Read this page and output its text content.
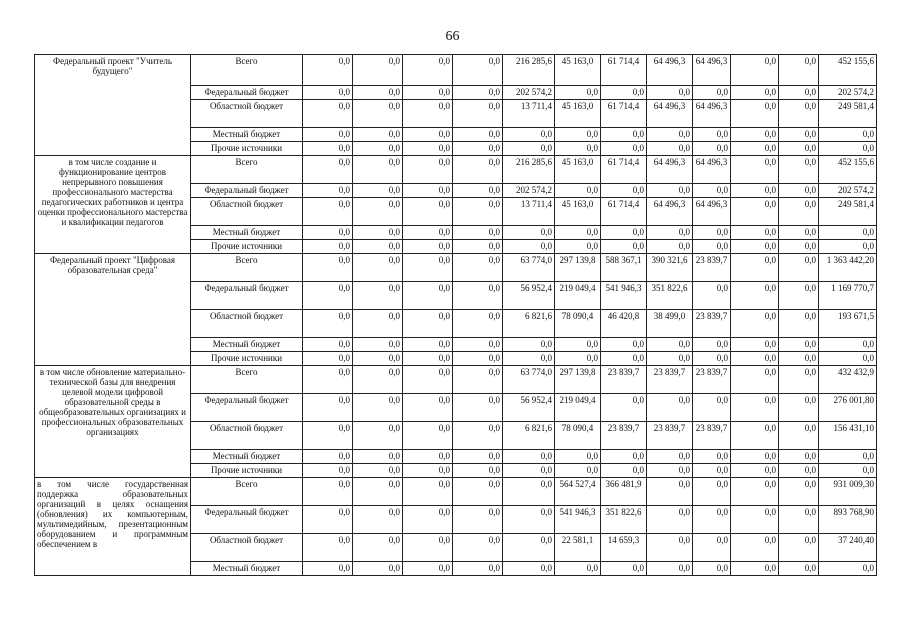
66
Федеральный проект "Учитель будущего"	Всего	0,0	0,0	0,0	0,0	216 285,6	45 163,0	61 714,4	64 496,3	64 496,3	0,0	0,0	452 155,6
	Федеральный бюджет	0,0	0,0	0,0	0,0	202 574,2	0,0	0,0	0,0	0,0	0,0	0,0	202 574,2
	Областной бюджет	0,0	0,0	0,0	0,0	13 711,4	45 163,0	61 714,4	64 496,3	64 496,3	0,0	0,0	249 581,4
	Местный бюджет	0,0	0,0	0,0	0,0	0,0	0,0	0,0	0,0	0,0	0,0	0,0	0,0
	Прочие источники	0,0	0,0	0,0	0,0	0,0	0,0	0,0	0,0	0,0	0,0	0,0	0,0
в том числе создание и функционирование центров непрерывного повышения профессионального мастерства педагогических работников и центра оценки профессионального мастерства и квалификации педагогов	Всего	0,0	0,0	0,0	0,0	216 285,6	45 163,0	61 714,4	64 496,3	64 496,3	0,0	0,0	452 155,6
	Федеральный бюджет	0,0	0,0	0,0	0,0	202 574,2	0,0	0,0	0,0	0,0	0,0	0,0	202 574,2
	Областной бюджет	0,0	0,0	0,0	0,0	13 711,4	45 163,0	61 714,4	64 496,3	64 496,3	0,0	0,0	249 581,4
	Местный бюджет	0,0	0,0	0,0	0,0	0,0	0,0	0,0	0,0	0,0	0,0	0,0	0,0
	Прочие источники	0,0	0,0	0,0	0,0	0,0	0,0	0,0	0,0	0,0	0,0	0,0	0,0
Федеральный проект "Цифровая образовательная среда"	Всего	0,0	0,0	0,0	0,0	63 774,0	297 139,8	588 367,1	390 321,6	23 839,7	0,0	0,0	1 363 442,20
	Федеральный бюджет	0,0	0,0	0,0	0,0	56 952,4	219 049,4	541 946,3	351 822,6	0,0	0,0	0,0	1 169 770,7
	Областной бюджет	0,0	0,0	0,0	0,0	6 821,6	78 090,4	46 420,8	38 499,0	23 839,7	0,0	0,0	193 671,5
	Местный бюджет	0,0	0,0	0,0	0,0	0,0	0,0	0,0	0,0	0,0	0,0	0,0	0,0
	Прочие источники	0,0	0,0	0,0	0,0	0,0	0,0	0,0	0,0	0,0	0,0	0,0	0,0
в том числе обновление материально-технической базы для внедрения целевой модели цифровой образовательной среды в общеобразовательных организациях и профессиональных образовательных организациях	Всего	0,0	0,0	0,0	0,0	63 774,0	297 139,8	23 839,7	23 839,7	23 839,7	0,0	0,0	432 432,9
	Федеральный бюджет	0,0	0,0	0,0	0,0	56 952,4	219 049,4	0,0	0,0	0,0	0,0	0,0	276 001,80
	Областной бюджет	0,0	0,0	0,0	0,0	6 821,6	78 090,4	23 839,7	23 839,7	23 839,7	0,0	0,0	156 431,10
	Местный бюджет	0,0	0,0	0,0	0,0	0,0	0,0	0,0	0,0	0,0	0,0	0,0	0,0
	Прочие источники	0,0	0,0	0,0	0,0	0,0	0,0	0,0	0,0	0,0	0,0	0,0	0,0
в том числе государственная поддержка образовательных организаций в целях оснащения (обновления) их компьютерным, мультимедийным, презентационным оборудованием и программным обеспечением в	Всего	0,0	0,0	0,0	0,0	0,0	564 527,4	366 481,9	0,0	0,0	0,0	0,0	931 009,30
	Федеральный бюджет	0,0	0,0	0,0	0,0	0,0	541 946,3	351 822,6	0,0	0,0	0,0	0,0	893 768,90
	Областной бюджет	0,0	0,0	0,0	0,0	0,0	22 581,1	14 659,3	0,0	0,0	0,0	0,0	37 240,40
	Местный бюджет	0,0	0,0	0,0	0,0	0,0	0,0	0,0	0,0	0,0	0,0	0,0	0,0
